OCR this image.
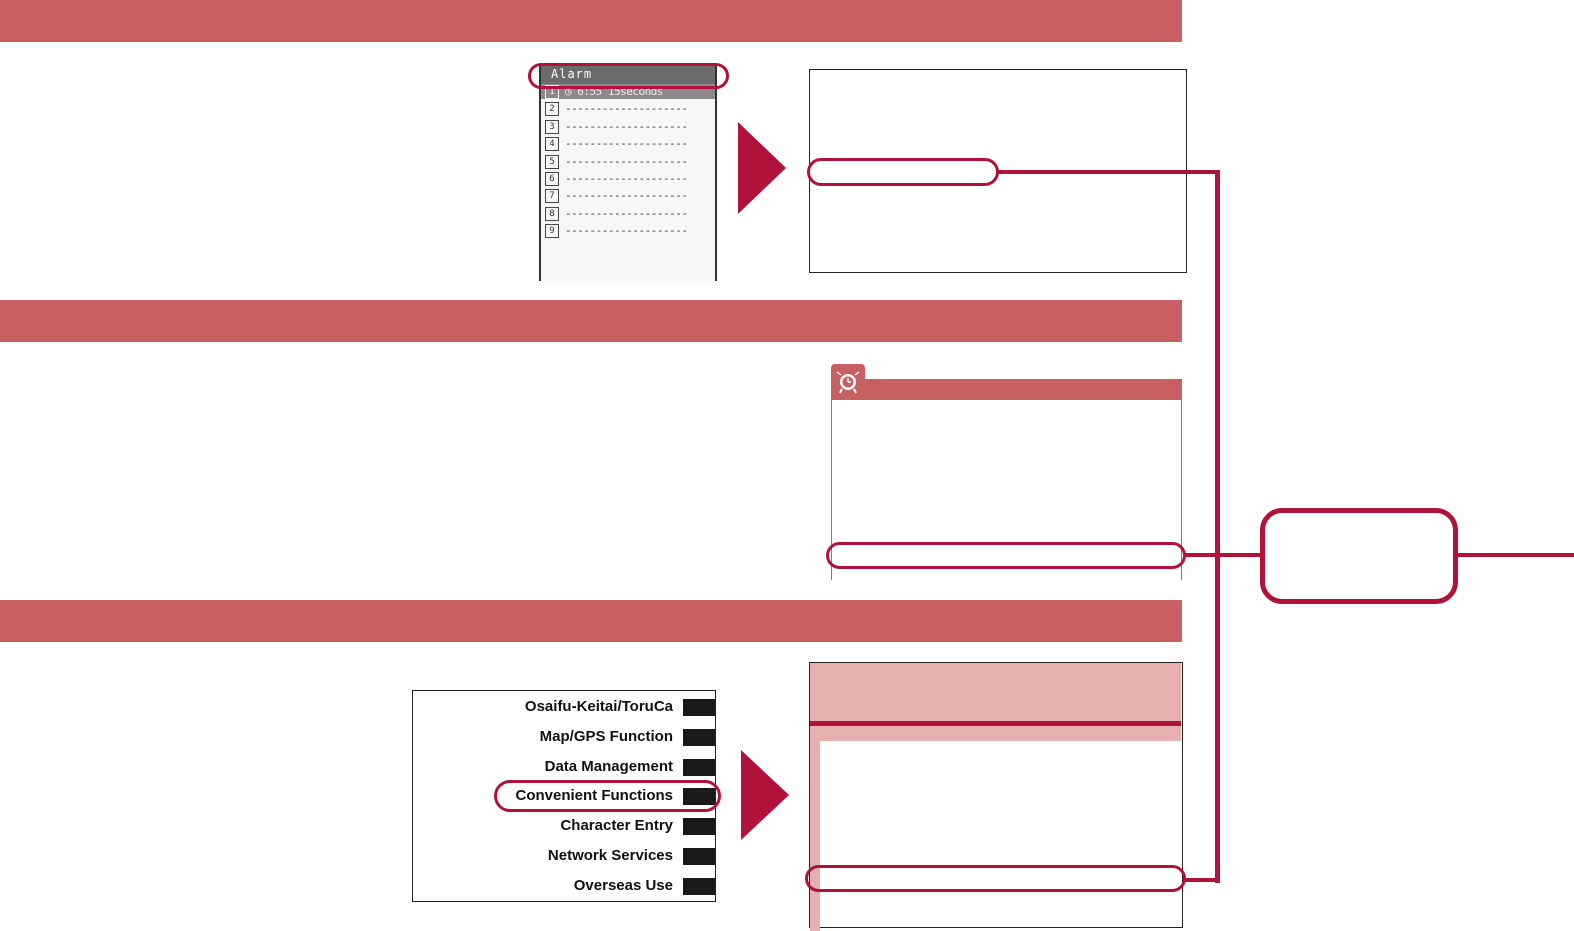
Alarm
1 ◷ 6:55 15seconds
2 --------------------
3 --------------------
4 --------------------
5 --------------------
6 --------------------
7 --------------------
8 --------------------
9 --------------------
Osaifu-Keitai/ToruCa
Map/GPS Function
Data Management
Convenient Functions
Character Entry
Network Services
Overseas Use
